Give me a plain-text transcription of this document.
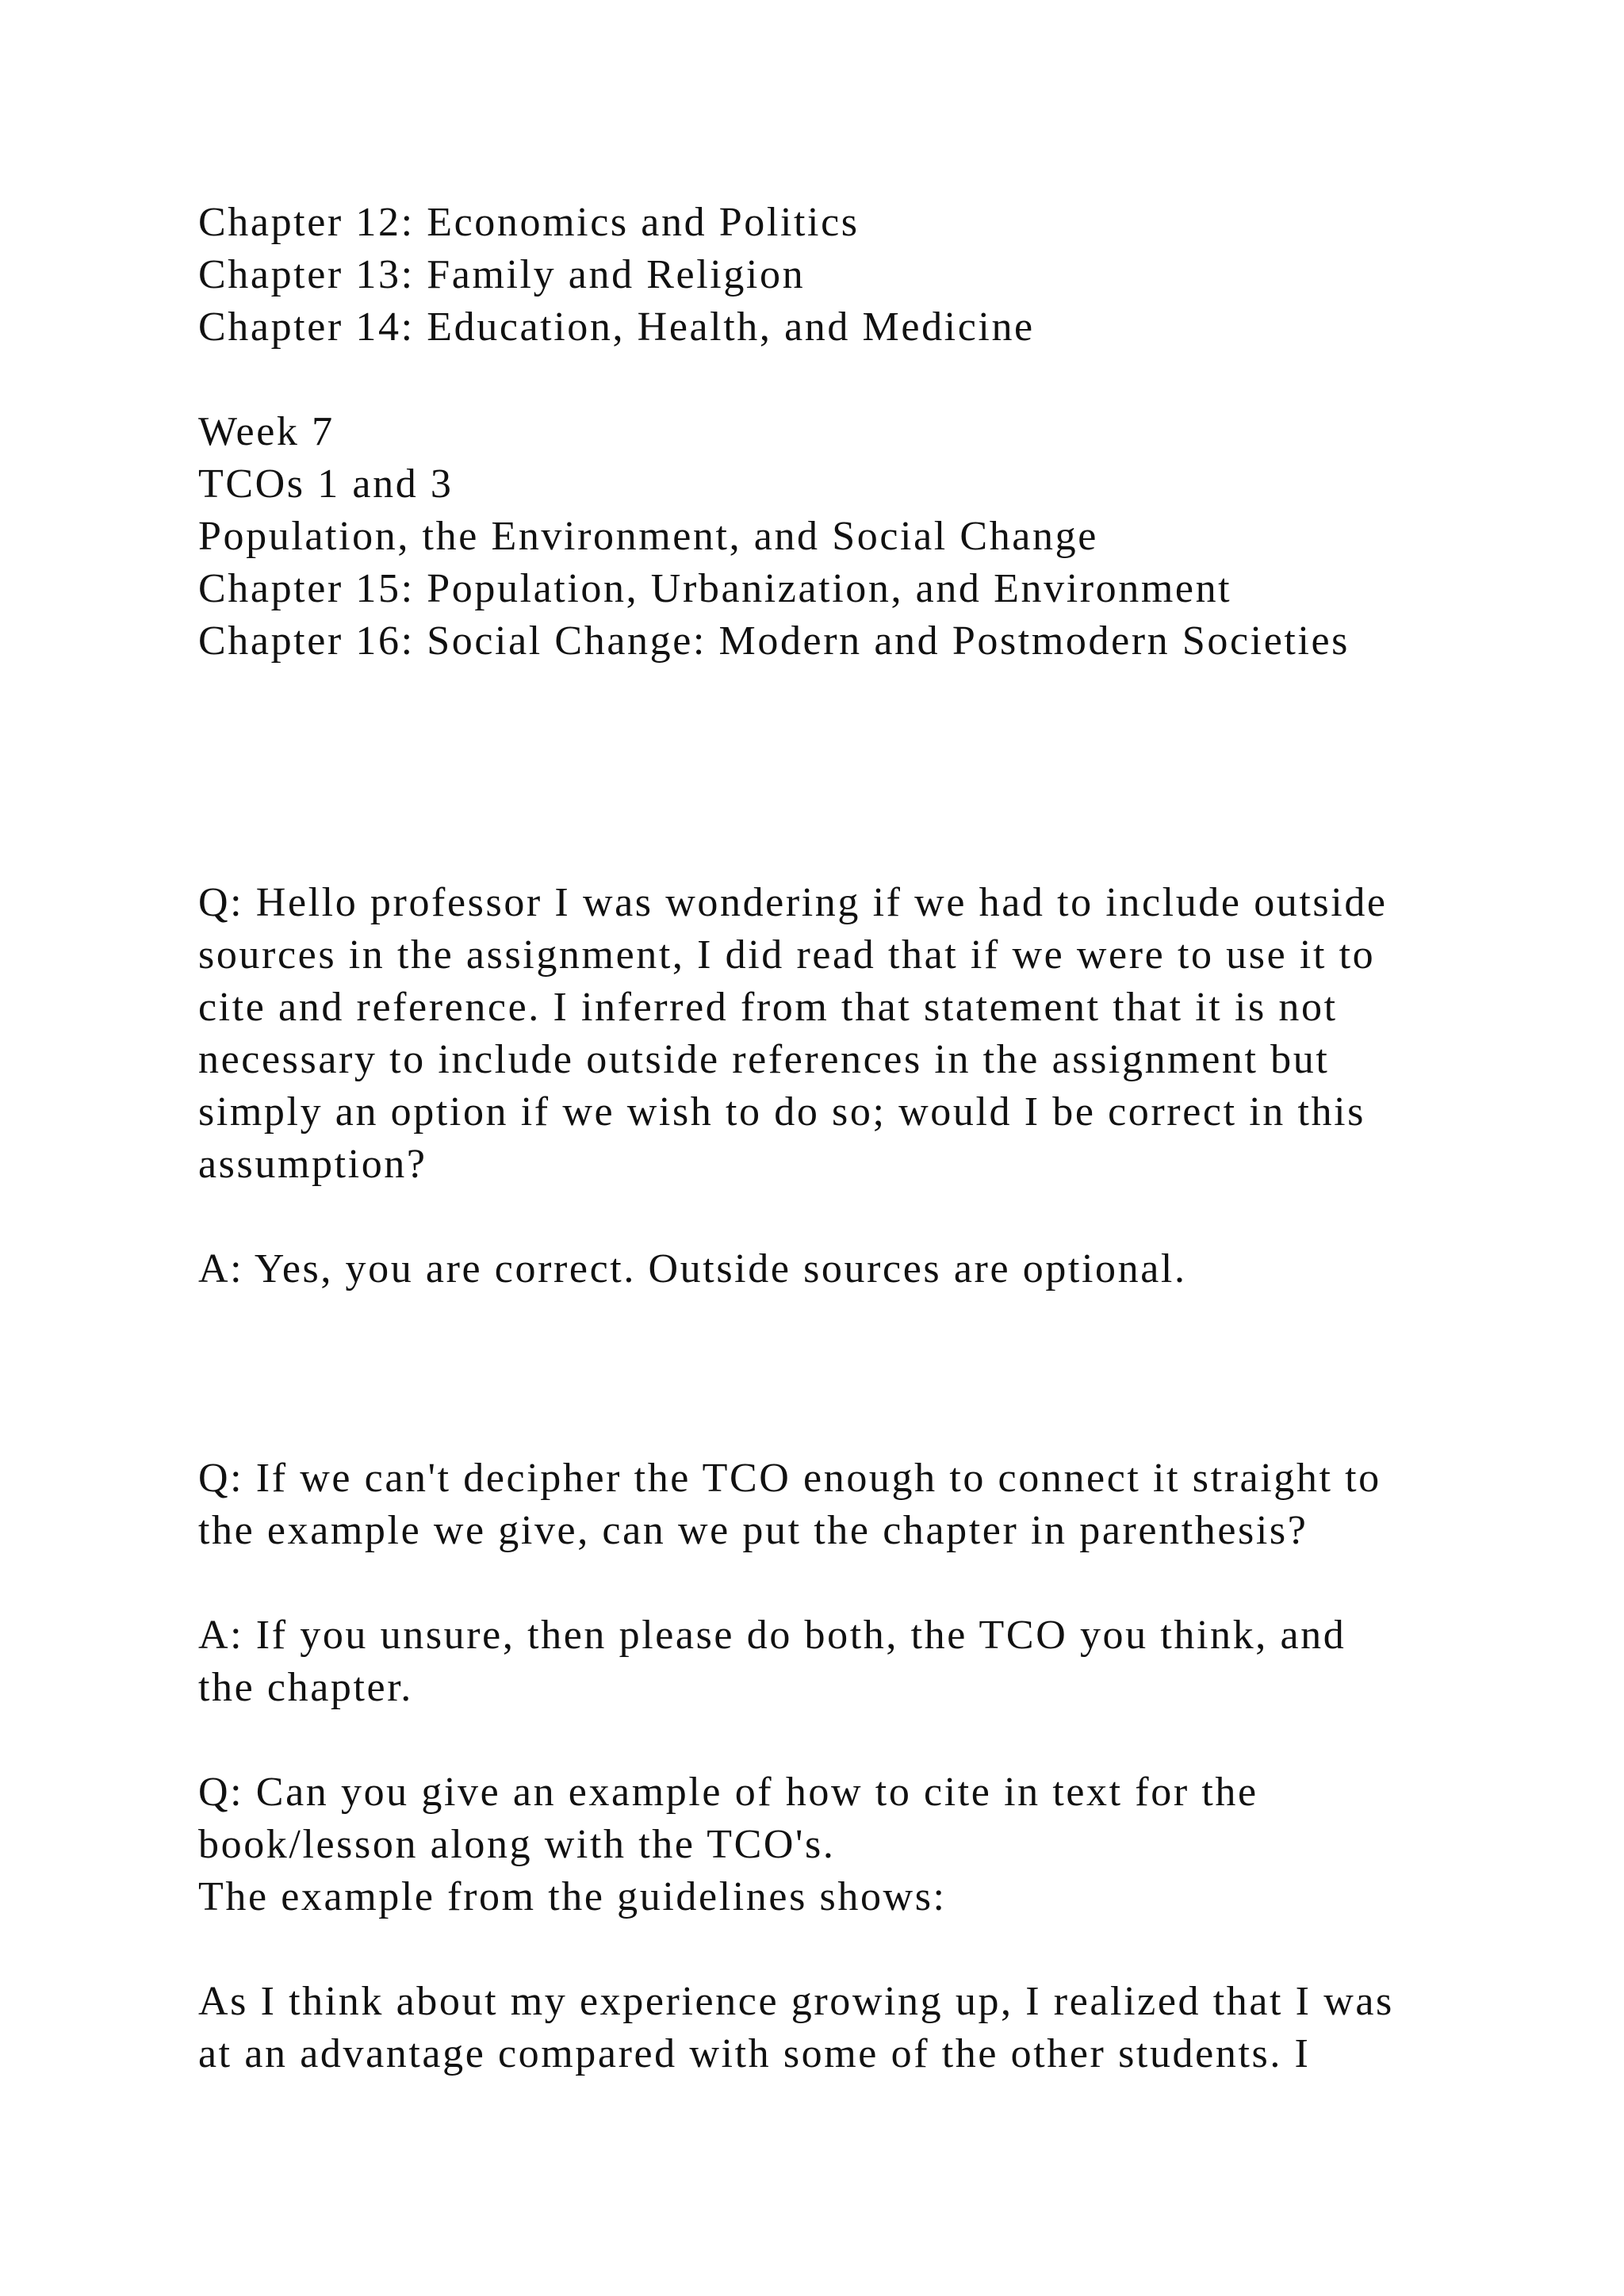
Chapter 12: Economics and Politics
Chapter 13: Family and Religion
Chapter 14: Education, Health, and Medicine
Week 7
TCOs 1 and 3
Population, the Environment, and Social Change
Chapter 15: Population, Urbanization, and Environment
Chapter 16: Social Change: Modern and Postmodern Societies
Q: Hello professor I was wondering if we had to include outside
sources in the assignment, I did read that if we were to use it to
cite and reference. I inferred from that statement that it is not
necessary to include outside references in the assignment but
simply an option if we wish to do so; would I be correct in this
assumption?
A: Yes, you are correct. Outside sources are optional.
Q: If we can't decipher the TCO enough to connect it straight to
the example we give, can we put the chapter in parenthesis?
A: If you unsure, then please do both, the TCO you think, and
the chapter.
Q: Can you give an example of how to cite in text for the
book/lesson along with the TCO's.
The example from the guidelines shows:
As I think about my experience growing up, I realized that I was
at an advantage compared with some of the other students. I
